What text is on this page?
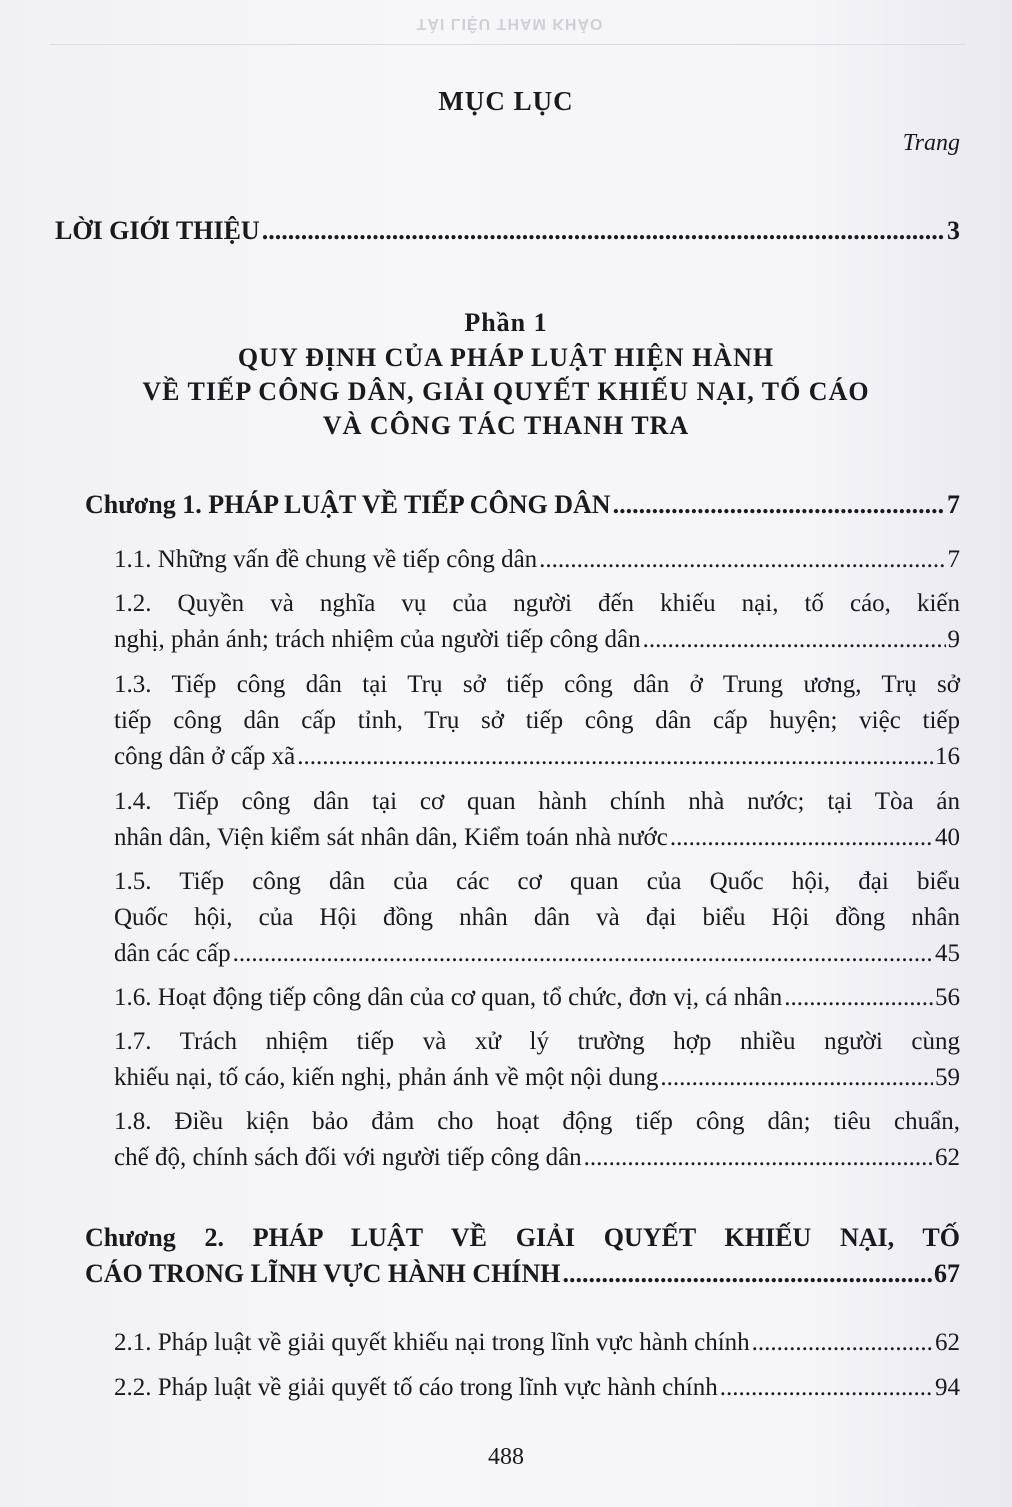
TÀI LIỆU THAM KHẢO
MỤC LỤC
Trang
LỜI GIỚI THIỆU .....	3
Phần 1
QUY ĐỊNH CỦA PHÁP LUẬT HIỆN HÀNH
VỀ TIẾP CÔNG DÂN, GIẢI QUYẾT KHIẾU NẠI, TỐ CÁO
VÀ CÔNG TÁC THANH TRA
Chương 1. PHÁP LUẬT VỀ TIẾP CÔNG DÂN .....	7
1.1. Những vấn đề chung về tiếp công dân .....	7
1.2. Quyền và nghĩa vụ của người đến khiếu nại, tố cáo, kiến
nghị, phản ánh; trách nhiệm của người tiếp công dân .....	9
1.3. Tiếp công dân tại Trụ sở tiếp công dân ở Trung ương, Trụ sở
tiếp công dân cấp tỉnh, Trụ sở tiếp công dân cấp huyện; việc tiếp
công dân ở cấp xã .....	16
1.4. Tiếp công dân tại cơ quan hành chính nhà nước; tại Tòa án
nhân dân, Viện kiểm sát nhân dân, Kiểm toán nhà nước .....	40
1.5. Tiếp công dân của các cơ quan của Quốc hội, đại biểu
Quốc hội, của Hội đồng nhân dân và đại biểu Hội đồng nhân
dân các cấp .....	45
1.6. Hoạt động tiếp công dân của cơ quan, tổ chức, đơn vị, cá nhân .....	56
1.7. Trách nhiệm tiếp và xử lý trường hợp nhiều người cùng
khiếu nại, tố cáo, kiến nghị, phản ánh về một nội dung .....	59
1.8. Điều kiện bảo đảm cho hoạt động tiếp công dân; tiêu chuẩn,
chế độ, chính sách đối với người tiếp công dân .....	62
Chương 2. PHÁP LUẬT VỀ GIẢI QUYẾT KHIẾU NẠI, TỐ
CÁO TRONG LĨNH VỰC HÀNH CHÍNH .....	67
2.1. Pháp luật về giải quyết khiếu nại trong lĩnh vực hành chính .....	62
2.2. Pháp luật về giải quyết tố cáo trong lĩnh vực hành chính .....	94
488
